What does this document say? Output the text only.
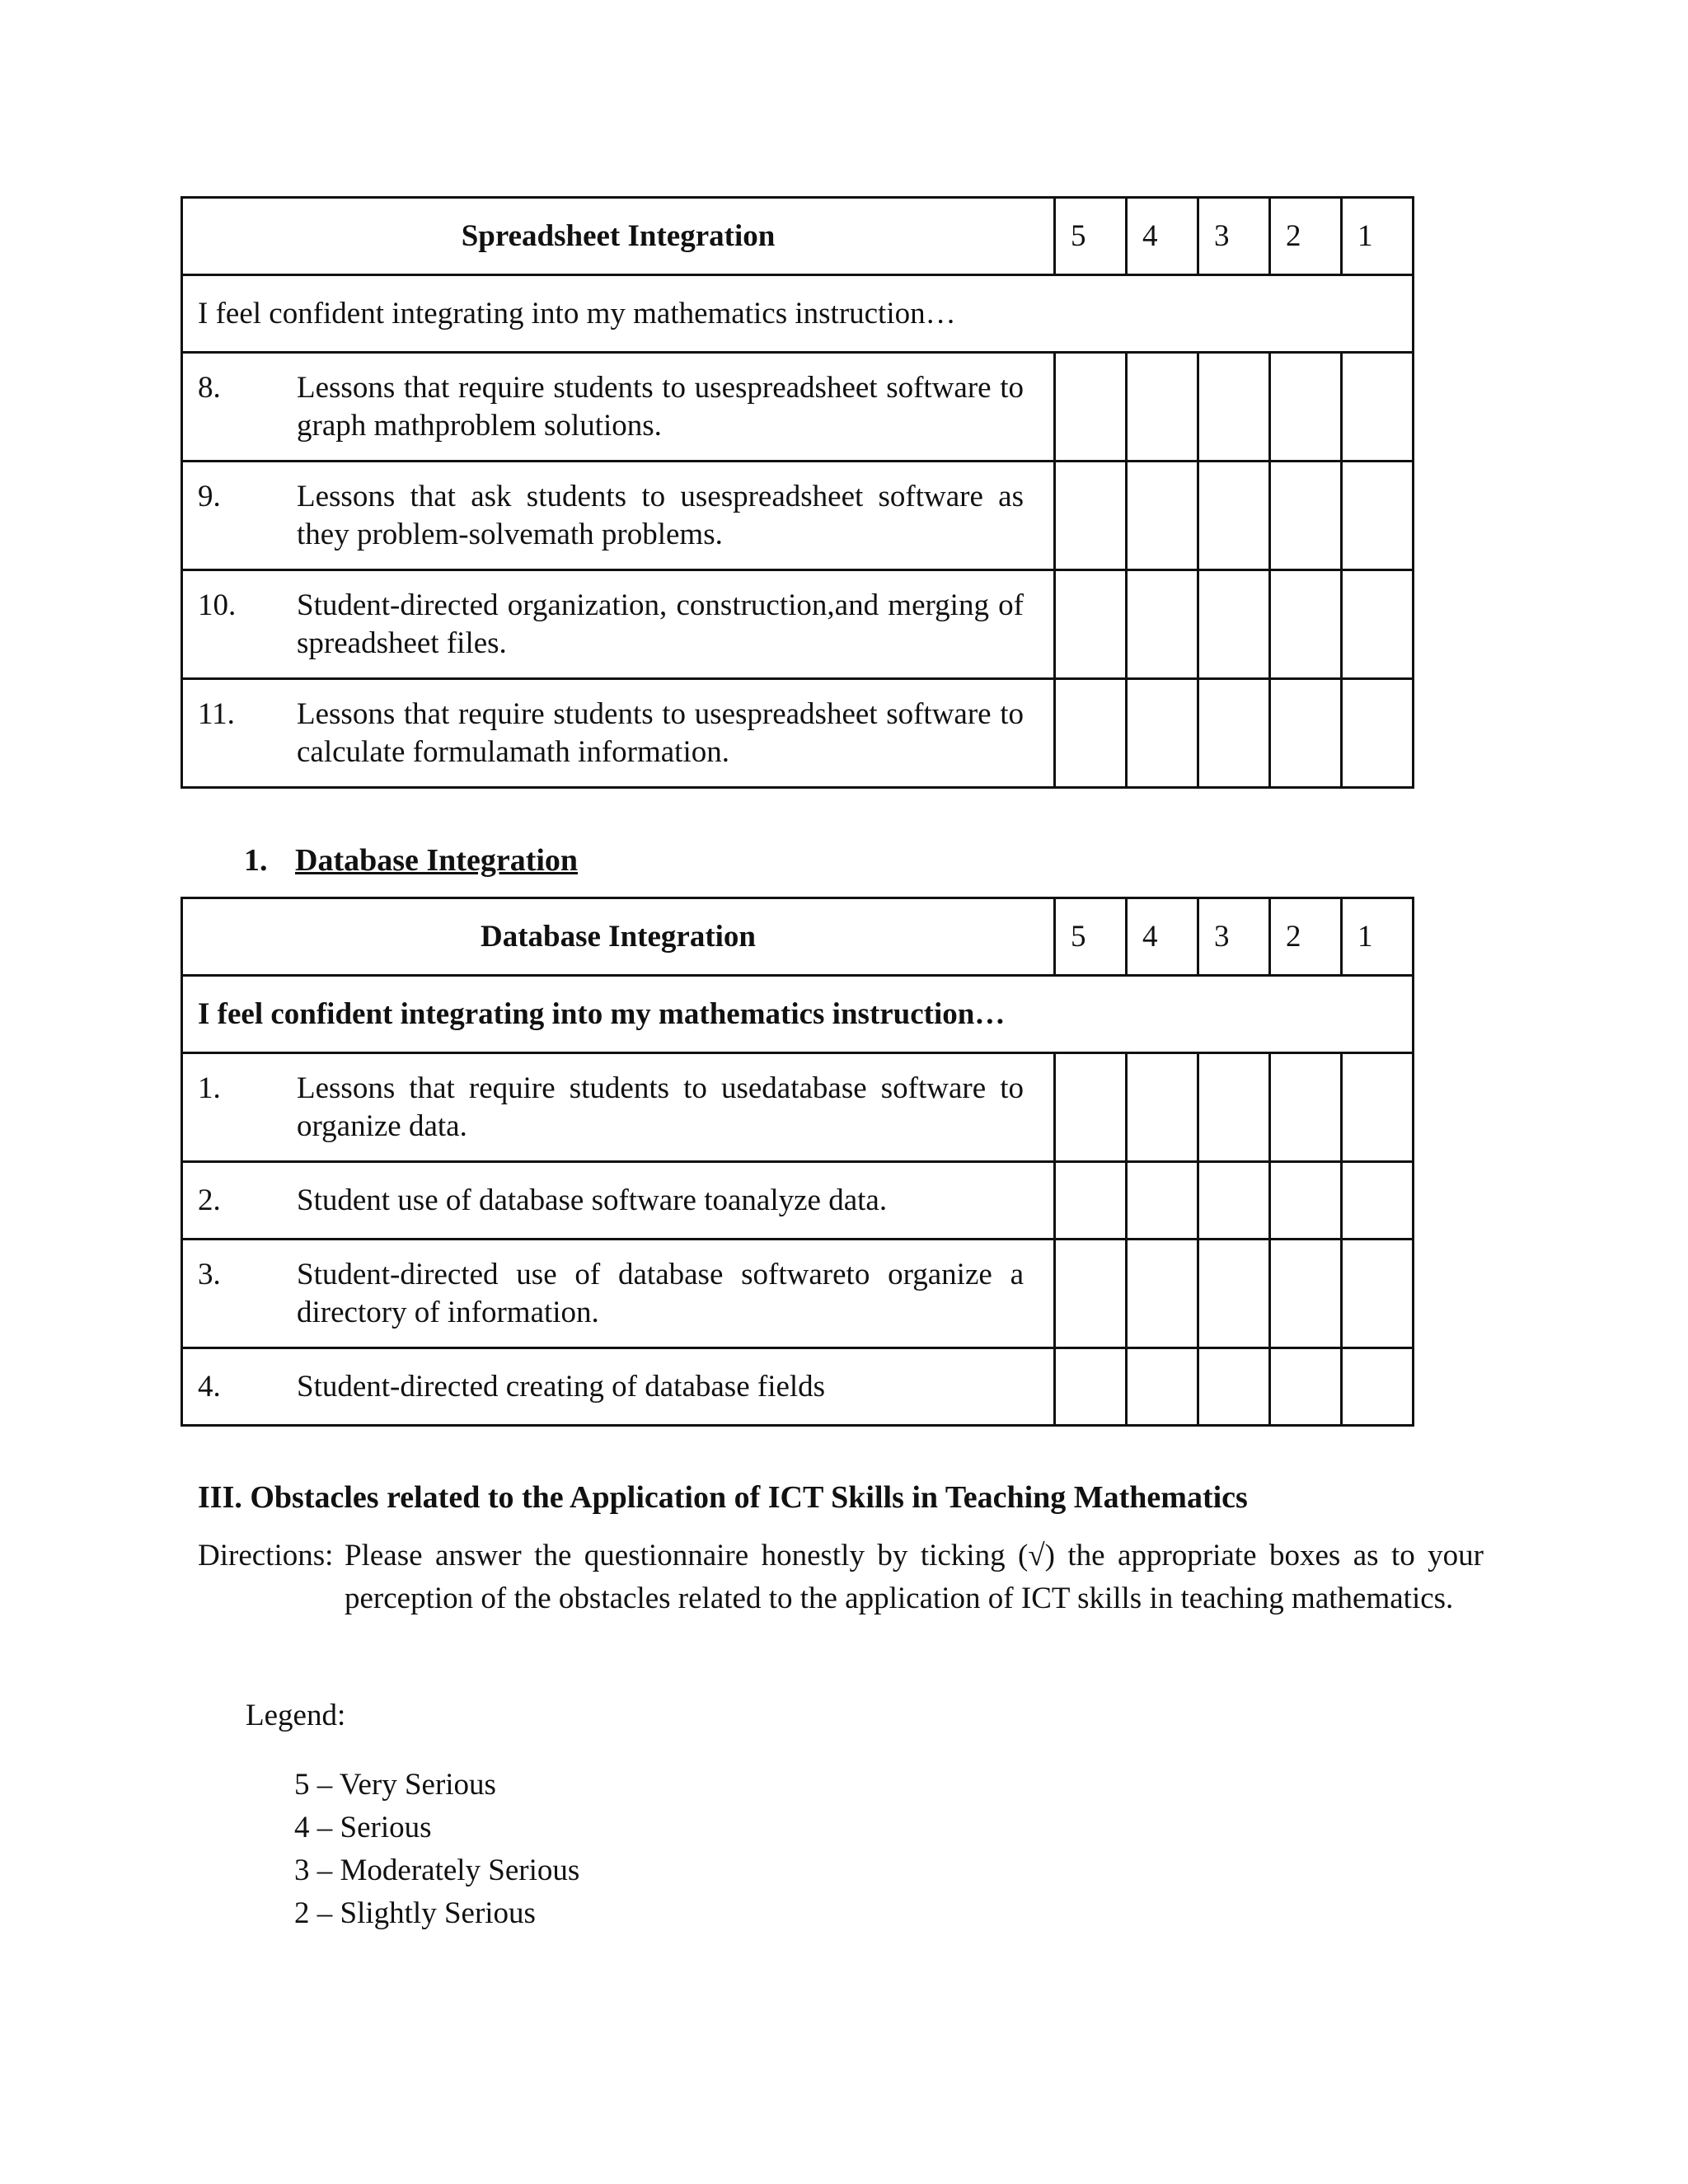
Spreadsheet Integration	5	4	3	2	1
I feel confident integrating into my mathematics instruction…					

8. Lessons that require students to usespreadsheet software to graph mathproblem solutions.					

9. Lessons that ask students to usespreadsheet software as they problem-solvemath problems.					

10. Student-directed organization, construction,and merging of spreadsheet files.					

11. Lessons that require students to usespreadsheet software to calculate formulamath information.					

1. Database Integration
Database Integration	5	4	3	2	1
I feel confident integrating into my mathematics instruction…					

1. Lessons that require students to usedatabase software to organize data.					

2. Student use of database software toanalyze data.					

3. Student-directed use of database softwareto organize a directory of information.					

4. Student-directed creating of database fields					

III. Obstacles related to the Application of ICT Skills in Teaching Mathematics
Directions: Please answer the questionnaire honestly by ticking (√) the appropriate boxes as to your perception of the obstacles related to the application of ICT skills in teaching mathematics.
Legend:
5 – Very Serious
4 – Serious
3 – Moderately Serious
2 – Slightly Serious
